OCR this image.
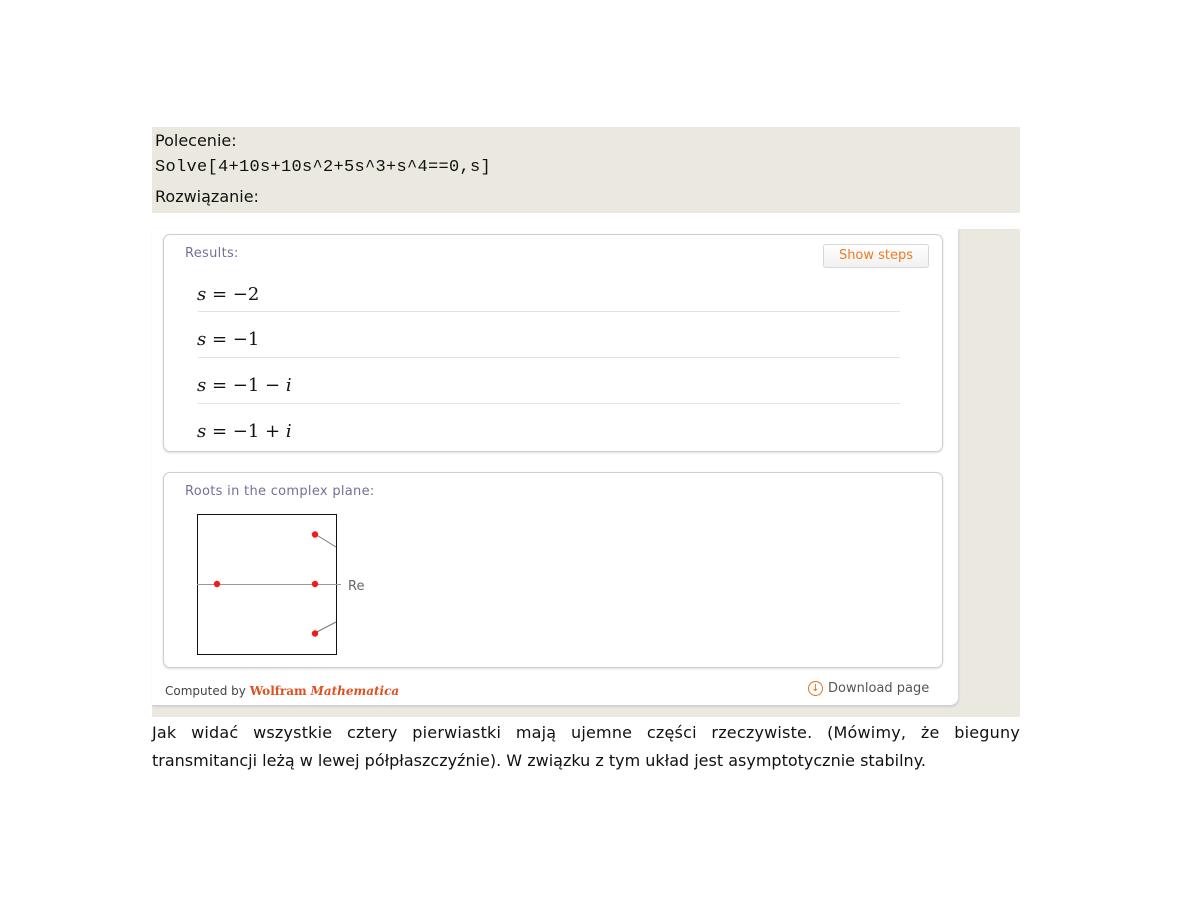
Polecenie:
Solve[4+10s+10s^2+5s^3+s^4==0,s]
Rozwiązanie:
Results:	Show steps
s = −2
s = −1
s = −1 − i
s = −1 + i
Roots in the complex plane:
Re
Computed by Wolfram Mathematica	↓ Download page
Jak widać wszystkie cztery pierwiastki mają ujemne części rzeczywiste. (Mówimy, że bieguny
transmitancji leżą w lewej półpłaszczyźnie). W związku z tym układ jest asymptotycznie stabilny.
